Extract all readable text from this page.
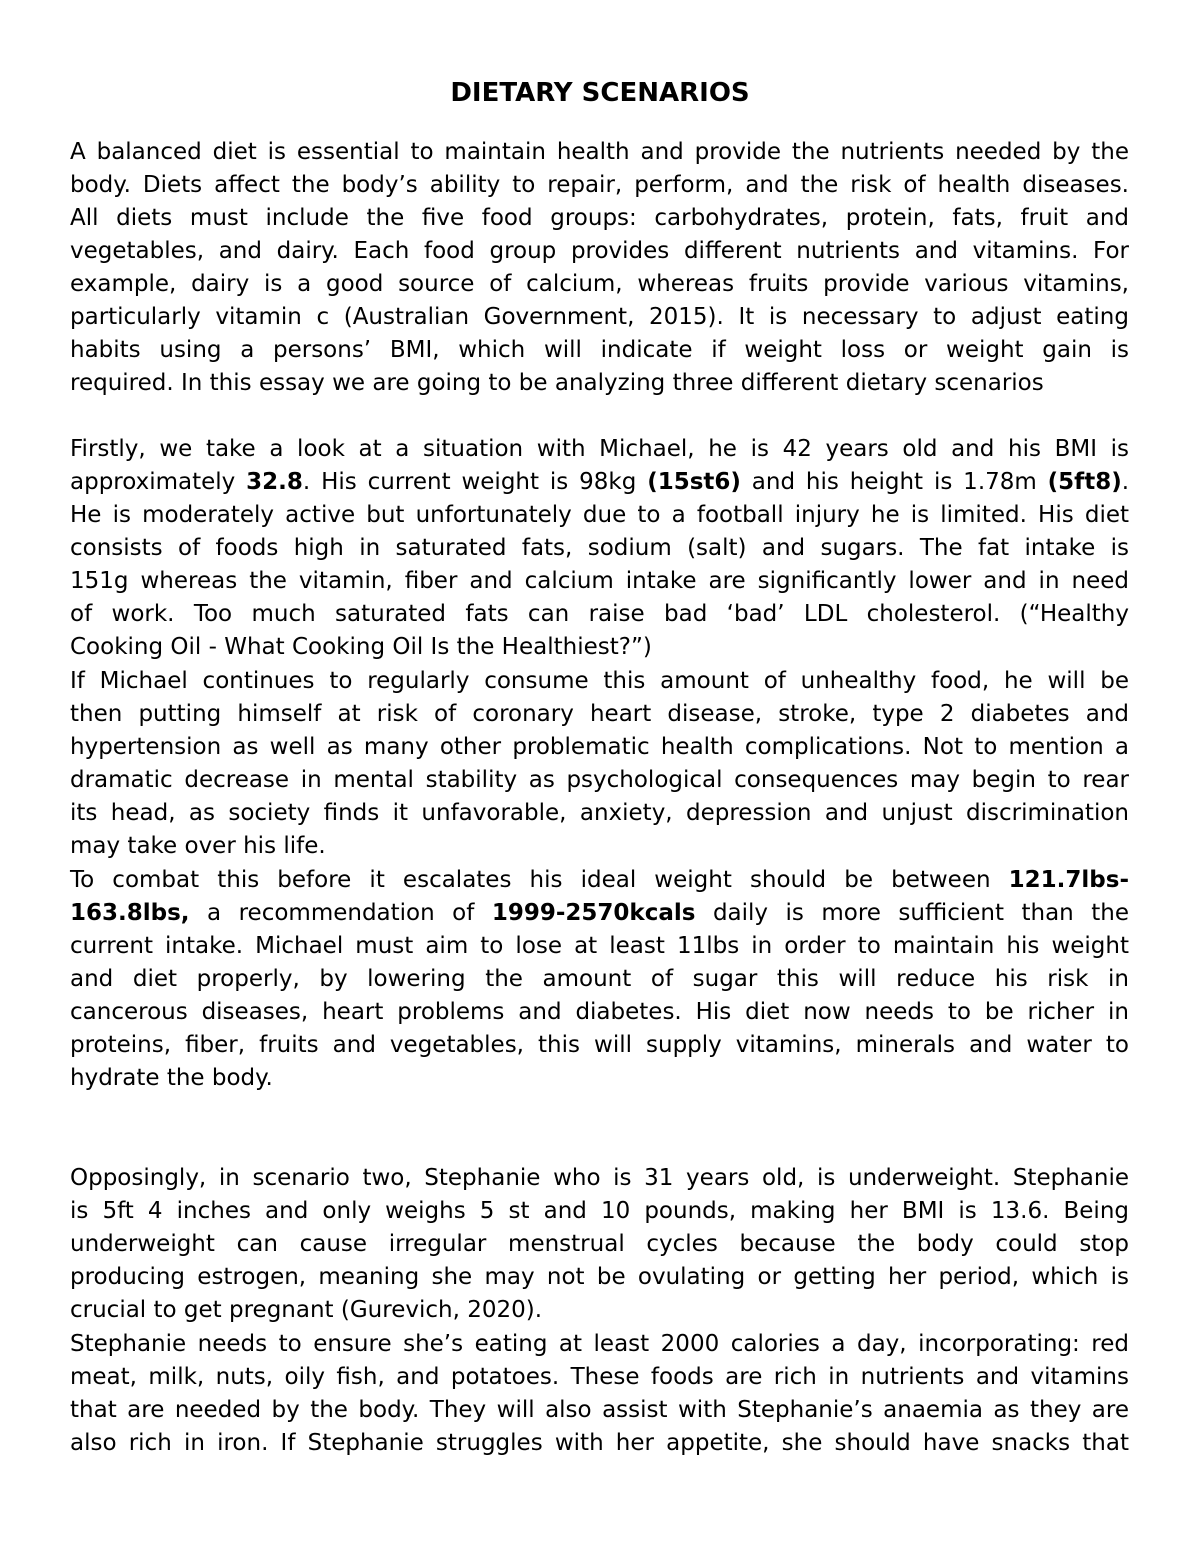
DIETARY SCENARIOS
A balanced diet is essential to maintain health and provide the nutrients needed by the
body. Diets affect the body’s ability to repair, perform, and the risk of health diseases.
All diets must include the five food groups: carbohydrates, protein, fats, fruit and
vegetables, and dairy. Each food group provides different nutrients and vitamins. For
example, dairy is a good source of calcium, whereas fruits provide various vitamins,
particularly vitamin c (Australian Government, 2015). It is necessary to adjust eating
habits using a persons’ BMI, which will indicate if weight loss or weight gain is
required. In this essay we are going to be analyzing three different dietary scenarios
Firstly, we take a look at a situation with Michael, he is 42 years old and his BMI is
approximately 32.8. His current weight is 98kg (15st6) and his height is 1.78m (5ft8).
He is moderately active but unfortunately due to a football injury he is limited. His diet
consists of foods high in saturated fats, sodium (salt) and sugars. The fat intake is
151g whereas the vitamin, fiber and calcium intake are significantly lower and in need
of work. Too much saturated fats can raise bad ‘bad’ LDL cholesterol. (“Healthy
Cooking Oil - What Cooking Oil Is the Healthiest?”)
If Michael continues to regularly consume this amount of unhealthy food, he will be
then putting himself at risk of coronary heart disease, stroke, type 2 diabetes and
hypertension as well as many other problematic health complications. Not to mention a
dramatic decrease in mental stability as psychological consequences may begin to rear
its head, as society finds it unfavorable, anxiety, depression and unjust discrimination
may take over his life.
To combat this before it escalates his ideal weight should be between 121.7lbs-
163.8lbs, a recommendation of 1999-2570kcals daily is more sufficient than the
current intake. Michael must aim to lose at least 11lbs in order to maintain his weight
and diet properly, by lowering the amount of sugar this will reduce his risk in
cancerous diseases, heart problems and diabetes. His diet now needs to be richer in
proteins, fiber, fruits and vegetables, this will supply vitamins, minerals and water to
hydrate the body.
Opposingly, in scenario two, Stephanie who is 31 years old, is underweight. Stephanie
is 5ft 4 inches and only weighs 5 st and 10 pounds, making her BMI is 13.6. Being
underweight can cause irregular menstrual cycles because the body could stop
producing estrogen, meaning she may not be ovulating or getting her period, which is
crucial to get pregnant (Gurevich, 2020).
Stephanie needs to ensure she’s eating at least 2000 calories a day, incorporating: red
meat, milk, nuts, oily fish, and potatoes. These foods are rich in nutrients and vitamins
that are needed by the body. They will also assist with Stephanie’s anaemia as they are
also rich in iron. If Stephanie struggles with her appetite, she should have snacks that
